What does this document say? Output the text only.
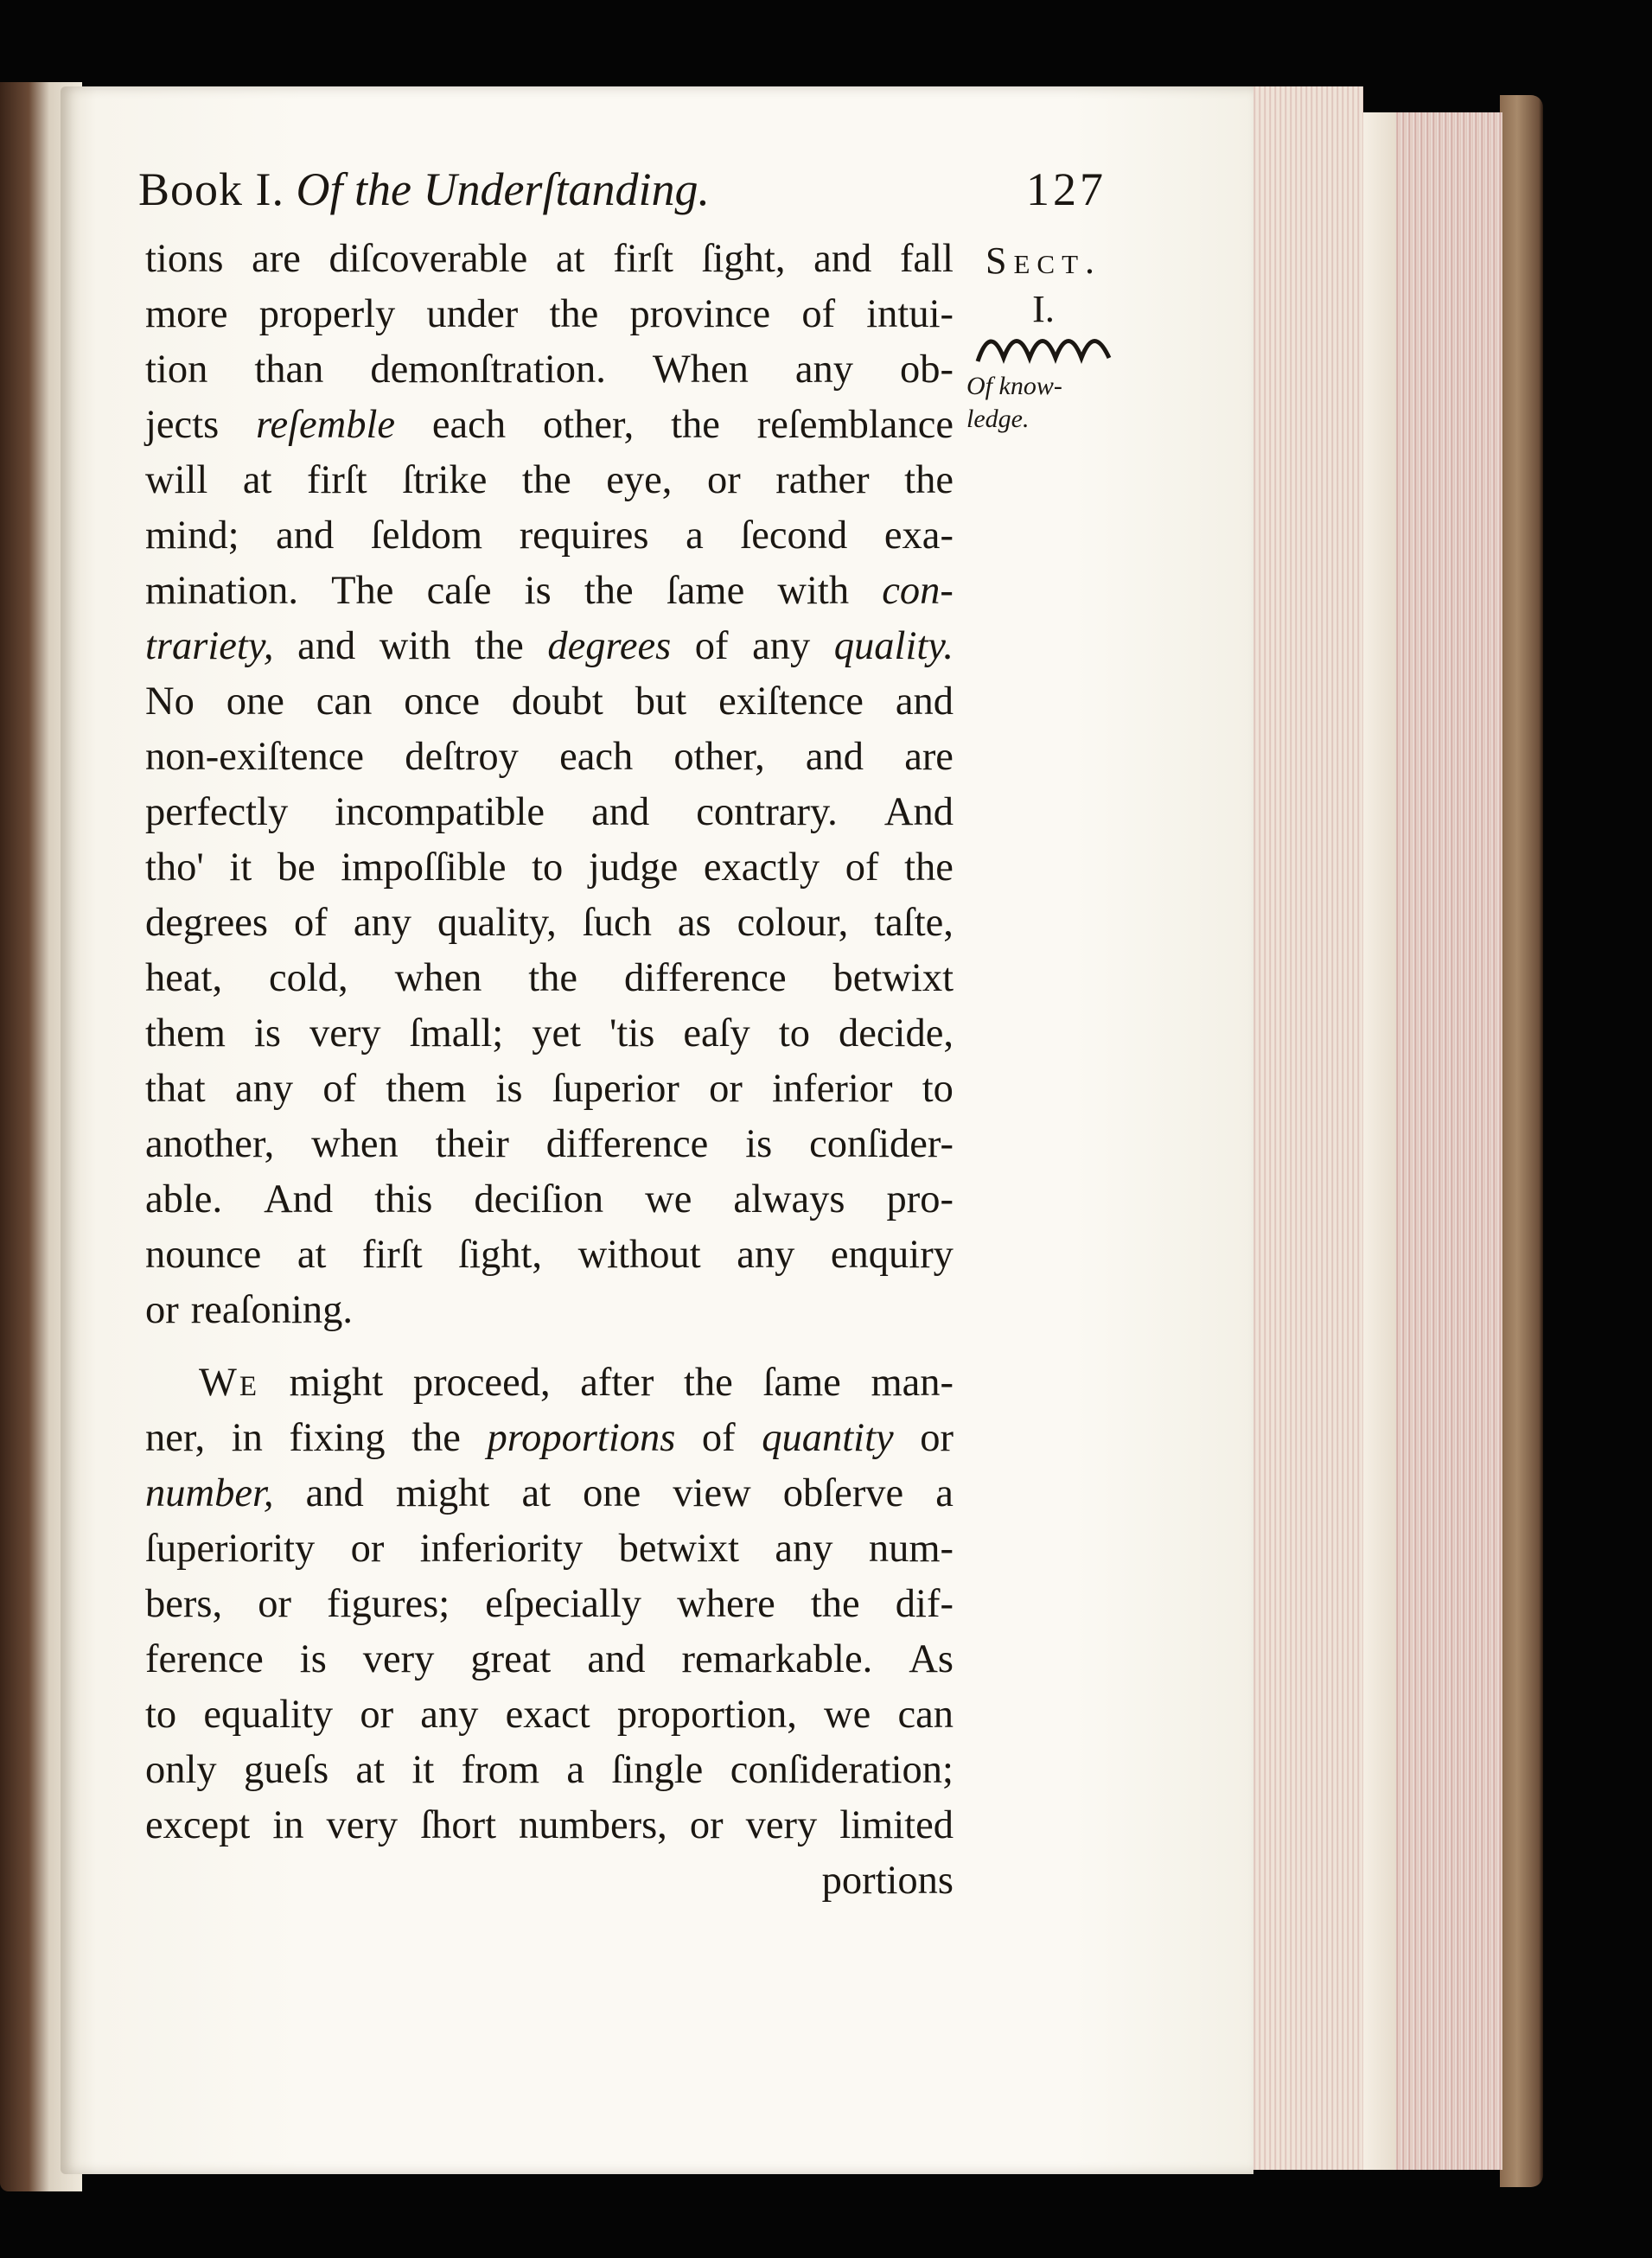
Book I. Of the Underſtanding.	127
Sect.
I.
Of know-
ledge.
tions are diſcoverable at firſt ſight, and fall
more properly under the province of intui-
tion than demonſtration. When any ob-
jects reſemble each other, the reſemblance
will at firſt ſtrike the eye, or rather the
mind; and ſeldom requires a ſecond exa-
mination. The caſe is the ſame with con-
trariety, and with the degrees of any quality.
No one can once doubt but exiſtence and
non-exiſtence deſtroy each other, and are
perfectly incompatible and contrary. And
tho' it be impoſſible to judge exactly of the
degrees of any quality, ſuch as colour, taſte,
heat, cold, when the difference betwixt
them is very ſmall; yet 'tis eaſy to decide,
that any of them is ſuperior or inferior to
another, when their difference is conſider-
able. And this deciſion we always pro-
nounce at firſt ſight, without any enquiry
or reaſoning.
We might proceed, after the ſame man-
ner, in fixing the proportions of quantity or
number, and might at one view obſerve a
ſuperiority or inferiority betwixt any num-
bers, or figures; eſpecially where the dif-
ference is very great and remarkable. As
to equality or any exact proportion, we can
only gueſs at it from a ſingle conſideration;
except in very ſhort numbers, or very limited
portions
